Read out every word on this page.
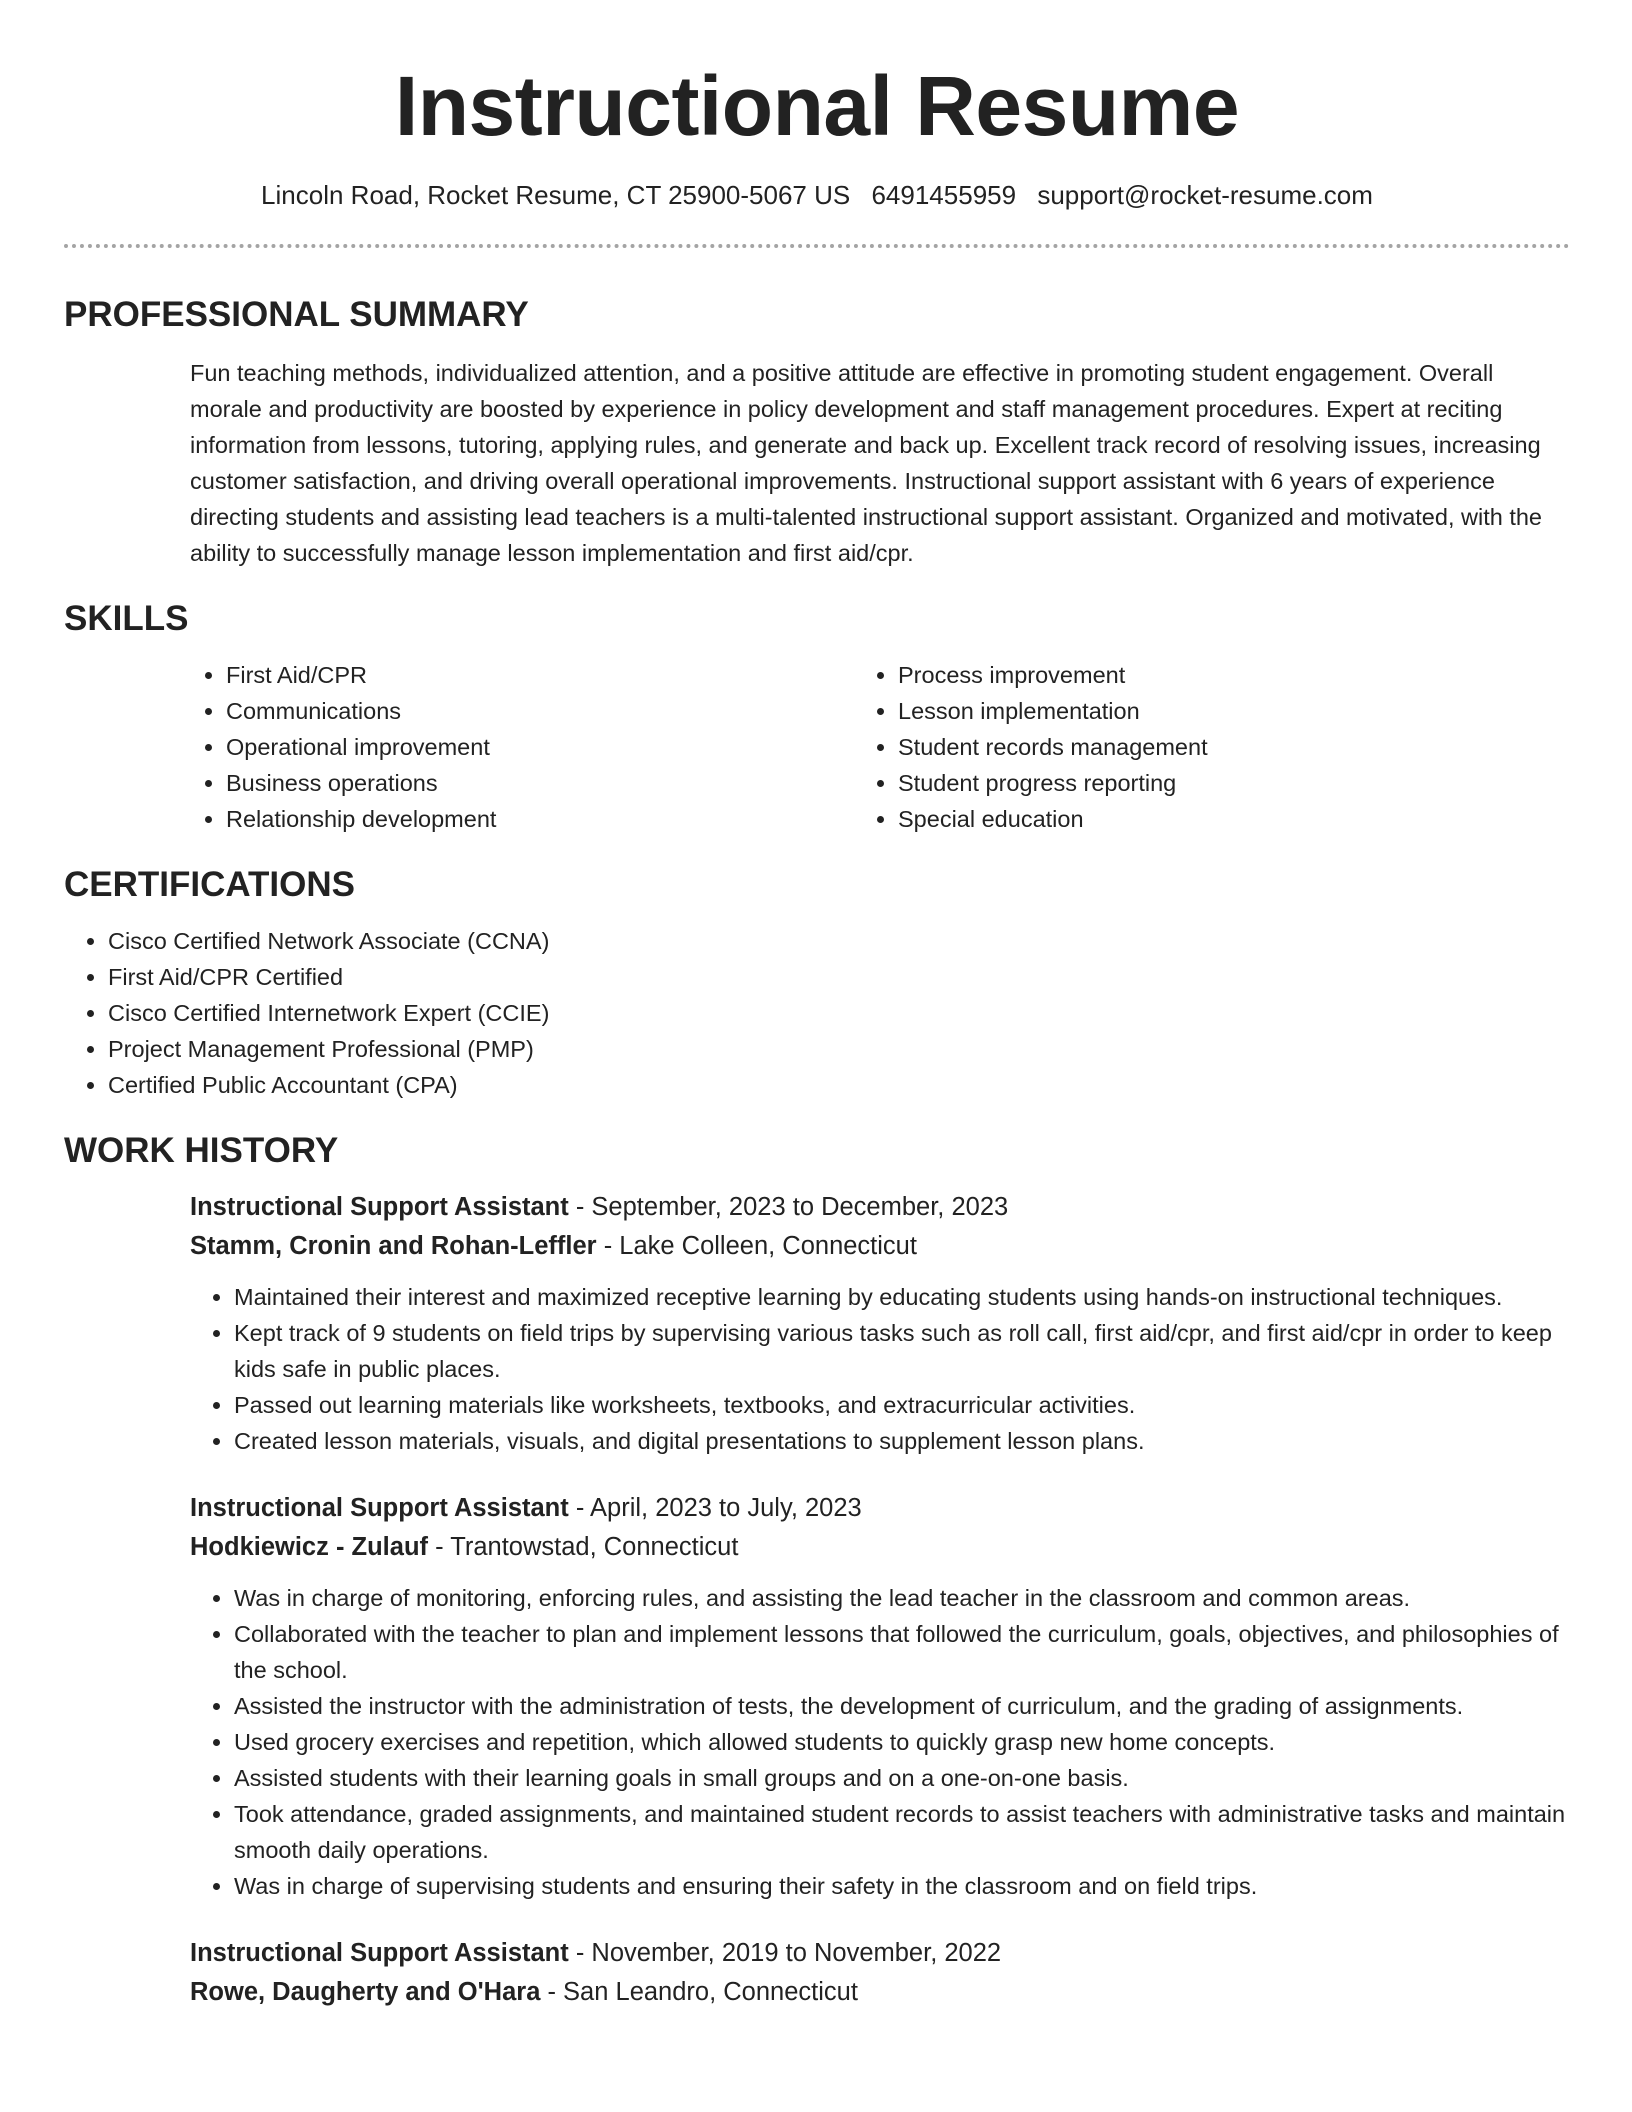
Instructional Resume
Lincoln Road, Rocket Resume, CT 25900-5067 US 6491455959 support@rocket-resume.com
PROFESSIONAL SUMMARY

Fun teaching methods, individualized attention, and a positive attitude are effective in promoting student engagement. Overall morale and productivity are boosted by experience in policy development and staff management procedures. Expert at reciting information from lessons, tutoring, applying rules, and generate and back up. Excellent track record of resolving issues, increasing customer satisfaction, and driving overall operational improvements. Instructional support assistant with 6 years of experience directing students and assisting lead teachers is a multi-talented instructional support assistant. Organized and motivated, with the ability to successfully manage lesson implementation and first aid/cpr.

SKILLS
• First Aid/CPR
• Communications
• Operational improvement
• Business operations
• Relationship development
• Process improvement
• Lesson implementation
• Student records management
• Student progress reporting
• Special education
CERTIFICATIONS
• Cisco Certified Network Associate (CCNA)
• First Aid/CPR Certified
• Cisco Certified Internetwork Expert (CCIE)
• Project Management Professional (PMP)
• Certified Public Accountant (CPA)
WORK HISTORY
Instructional Support Assistant - September, 2023 to December, 2023
Stamm, Cronin and Rohan-Leffler - Lake Colleen, Connecticut
• Maintained their interest and maximized receptive learning by educating students using hands-on instructional techniques.
• Kept track of 9 students on field trips by supervising various tasks such as roll call, first aid/cpr, and first aid/cpr in order to keep kids safe in public places.
• Passed out learning materials like worksheets, textbooks, and extracurricular activities.
• Created lesson materials, visuals, and digital presentations to supplement lesson plans.
Instructional Support Assistant - April, 2023 to July, 2023
Hodkiewicz - Zulauf - Trantowstad, Connecticut
• Was in charge of monitoring, enforcing rules, and assisting the lead teacher in the classroom and common areas.
• Collaborated with the teacher to plan and implement lessons that followed the curriculum, goals, objectives, and philosophies of the school.
• Assisted the instructor with the administration of tests, the development of curriculum, and the grading of assignments.
• Used grocery exercises and repetition, which allowed students to quickly grasp new home concepts.
• Assisted students with their learning goals in small groups and on a one-on-one basis.
• Took attendance, graded assignments, and maintained student records to assist teachers with administrative tasks and maintain smooth daily operations.
• Was in charge of supervising students and ensuring their safety in the classroom and on field trips.
Instructional Support Assistant - November, 2019 to November, 2022
Rowe, Daugherty and O'Hara - San Leandro, Connecticut
